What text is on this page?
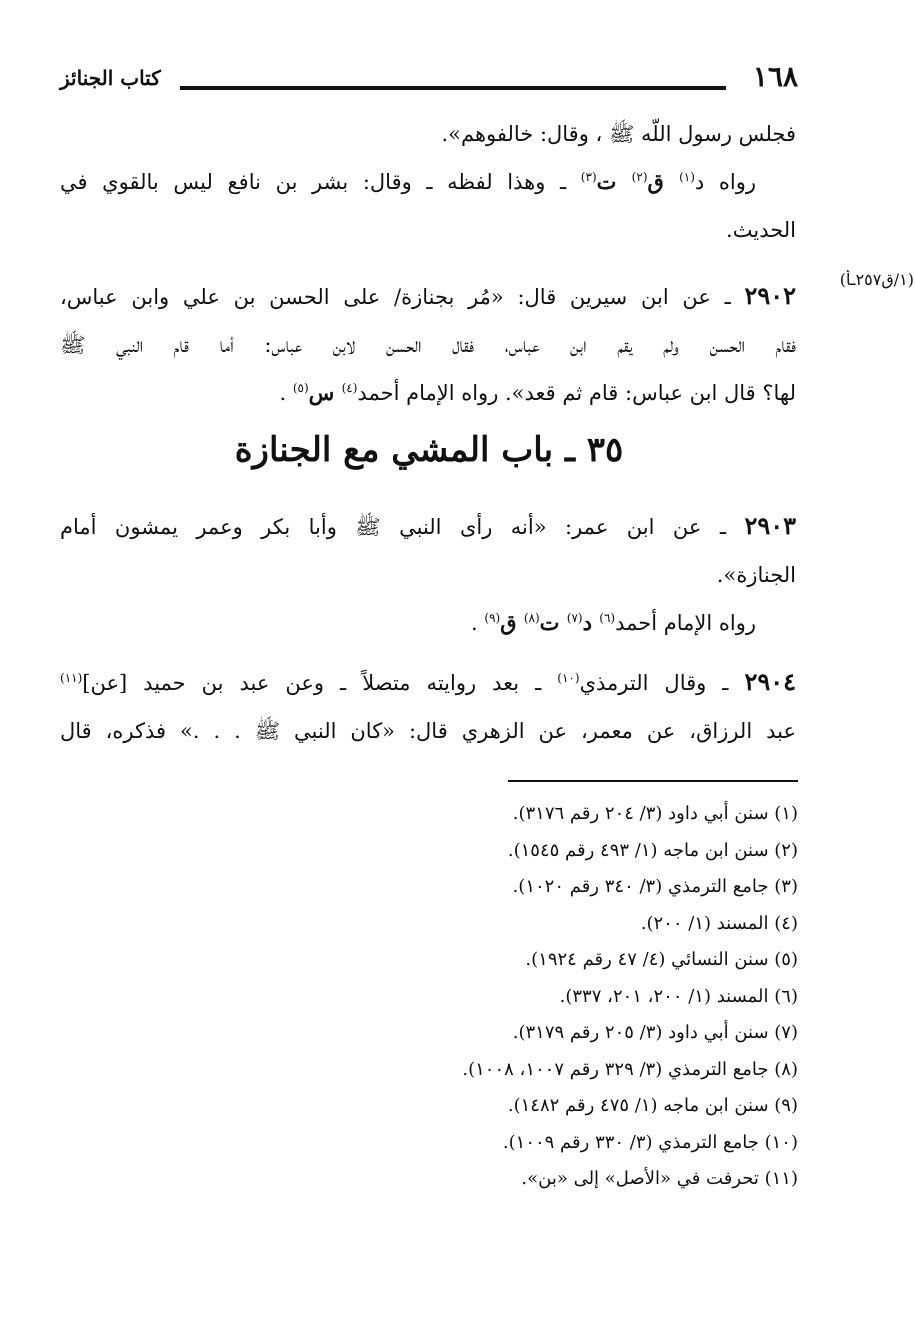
١٦٨
كتاب الجنائز
فجلس رسول اللّه ﷺ ، وقال: خالفوهم».
رواه د$^{(١)}$ ق$^{(٢)}$ ت$^{(٣)}$ ـ وهذا لفظه ـ وقال: بشر بن نافع ليس بالقوي في
الحديث.
(١/ق٢٥٧ـأ)
٢٩٠٢ ـ عن ابن سيرين قال: «مُر بجنازة/ على الحسن بن علي وابن عباس،
فقام الحسن ولم يقم ابن عباس، فقال الحسن لابن عباس: أما قام النبي ﷺ
لها؟ قال ابن عباس: قام ثم قعد». رواه الإمام أحمد$^{(٤)}$ س$^{(٥)}$ .
٣٥ ـ باب المشي مع الجنازة
٢٩٠٣ ـ عن ابن عمر: «أنه رأى النبي ﷺ وأبا بكر وعمر يمشون أمام
الجنازة».
رواه الإمام أحمد$^{(٦)}$ د$^{(٧)}$ ت$^{(٨)}$ ق$^{(٩)}$ .
٢٩٠٤ ـ وقال الترمذي$^{(١٠)}$ ـ بعد روايته متصلاً ـ وعن عبد بن حميد [عن]$^{(١١)}$
عبد الرزاق، عن معمر، عن الزهري قال: «كان النبي ﷺ . . .» فذكره، قال
(١) سنن أبي داود (٣/ ٢٠٤ رقم ٣١٧٦).
(٢) سنن ابن ماجه (١/ ٤٩٣ رقم ١٥٤٥).
(٣) جامع الترمذي (٣/ ٣٤٠ رقم ١٠٢٠).
(٤) المسند (١/ ٢٠٠).
(٥) سنن النسائي (٤/ ٤٧ رقم ١٩٢٤).
(٦) المسند (١/ ٢٠٠، ٢٠١، ٣٣٧).
(٧) سنن أبي داود (٣/ ٢٠٥ رقم ٣١٧٩).
(٨) جامع الترمذي (٣/ ٣٢٩ رقم ١٠٠٧، ١٠٠٨).
(٩) سنن ابن ماجه (١/ ٤٧٥ رقم ١٤٨٢).
(١٠) جامع الترمذي (٣/ ٣٣٠ رقم ١٠٠٩).
(١١) تحرفت في «الأصل» إلى «بن».
